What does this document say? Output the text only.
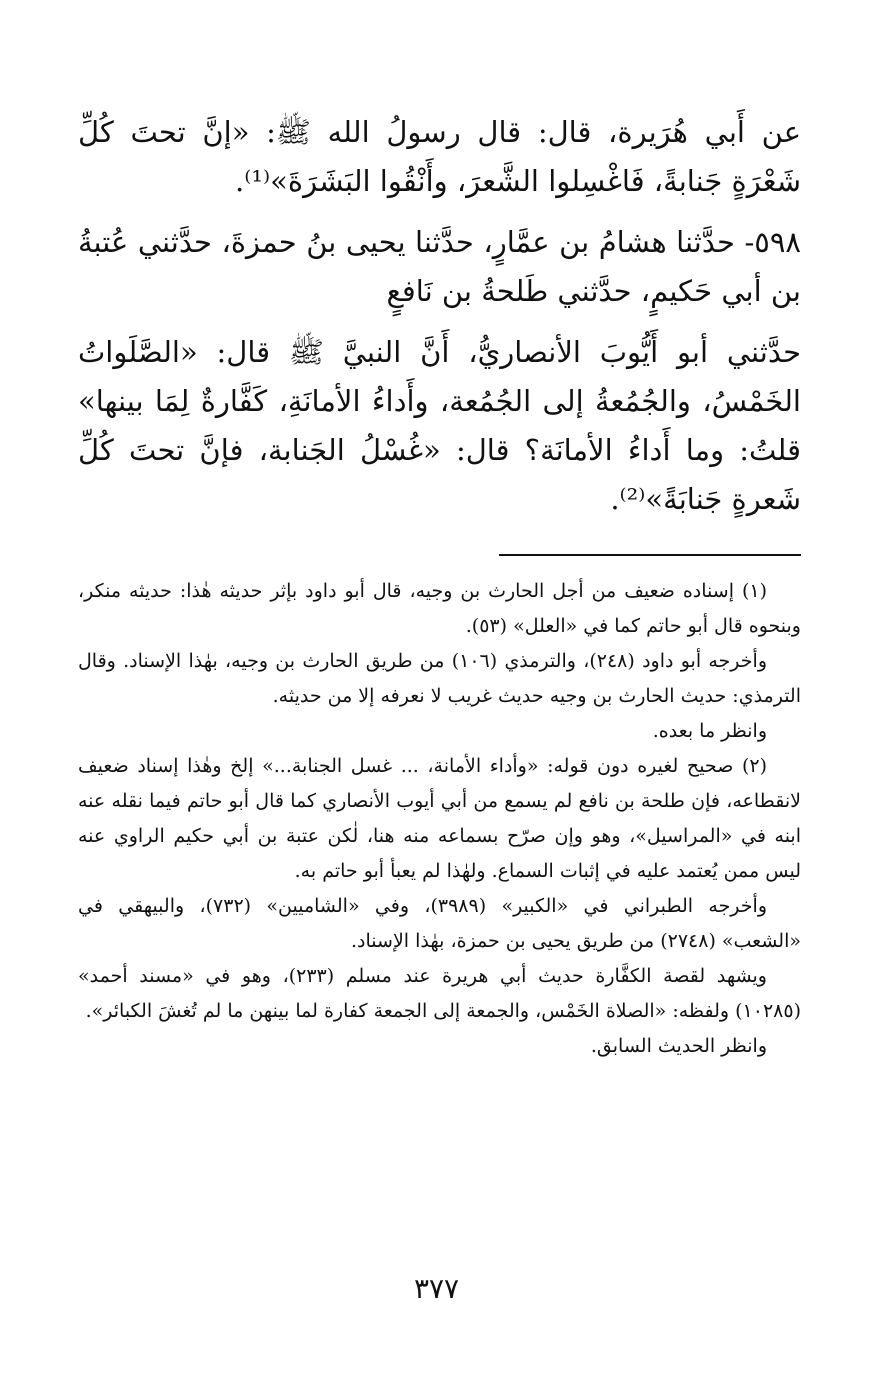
عن أَبي هُرَيرة، قال: قال رسولُ الله ﷺ: «إنَّ تحتَ كُلِّ شَعْرَةٍ جَنابةً، فَاغْسِلوا الشَّعرَ، وأَنْقُوا البَشَرَةَ»⁽¹⁾.

٥٩٨- حدَّثنا هشامُ بن عمَّارٍ، حدَّثنا يحيى بنُ حمزةَ، حدَّثني عُتبةُ بن أبي حَكيمٍ، حدَّثني طَلحةُ بن نَافعٍ

حدَّثني أبو أَيُّوبَ الأنصاريُّ، أَنَّ النبيَّ ﷺ قال: «الصَّلَواتُ الخَمْسُ، والجُمُعةُ إلى الجُمُعة، وأَداءُ الأمانَةِ، كَفَّارةٌ لِمَا بينها» قلتُ: وما أَداءُ الأمانَة؟ قال: «غُسْلُ الجَنابة، فإنَّ تحتَ كُلِّ شَعرةٍ جَنابَةً»⁽²⁾.

(١) إسناده ضعيف من أجل الحارث بن وجيه، قال أبو داود بإثر حديثه هٰذا: حديثه منكر، وبنحوه قال أبو حاتم كما في «العلل» (٥٣).

وأخرجه أبو داود (٢٤٨)، والترمذي (١٠٦) من طريق الحارث بن وجيه، بهٰذا الإسناد. وقال الترمذي: حديث الحارث بن وجيه حديث غريب لا نعرفه إلا من حديثه.

وانظر ما بعده.

(٢) صحيح لغيره دون قوله: «وأداء الأمانة، ... غسل الجنابة...» إلخ وهٰذا إسناد ضعيف لانقطاعه، فإن طلحة بن نافع لم يسمع من أبي أيوب الأنصاري كما قال أبو حاتم فيما نقله عنه ابنه في «المراسيل»، وهو وإن صرّح بسماعه منه هنا، لٰكن عتبة بن أبي حكيم الراوي عنه ليس ممن يُعتمد عليه في إثبات السماع. ولهٰذا لم يعبأ أبو حاتم به.

وأخرجه الطبراني في «الكبير» (٣٩٨٩)، وفي «الشاميين» (٧٣٢)، والبيهقي في «الشعب» (٢٧٤٨) من طريق يحيى بن حمزة، بهٰذا الإسناد.

ويشهد لقصة الكفَّارة حديث أبي هريرة عند مسلم (٢٣٣)، وهو في «مسند أحمد» (١٠٢٨٥) ولفظه: «الصلاة الخَمْس، والجمعة إلى الجمعة كفارة لما بينهن ما لم تُغشَ الكبائر».

وانظر الحديث السابق.

٣٧٧
